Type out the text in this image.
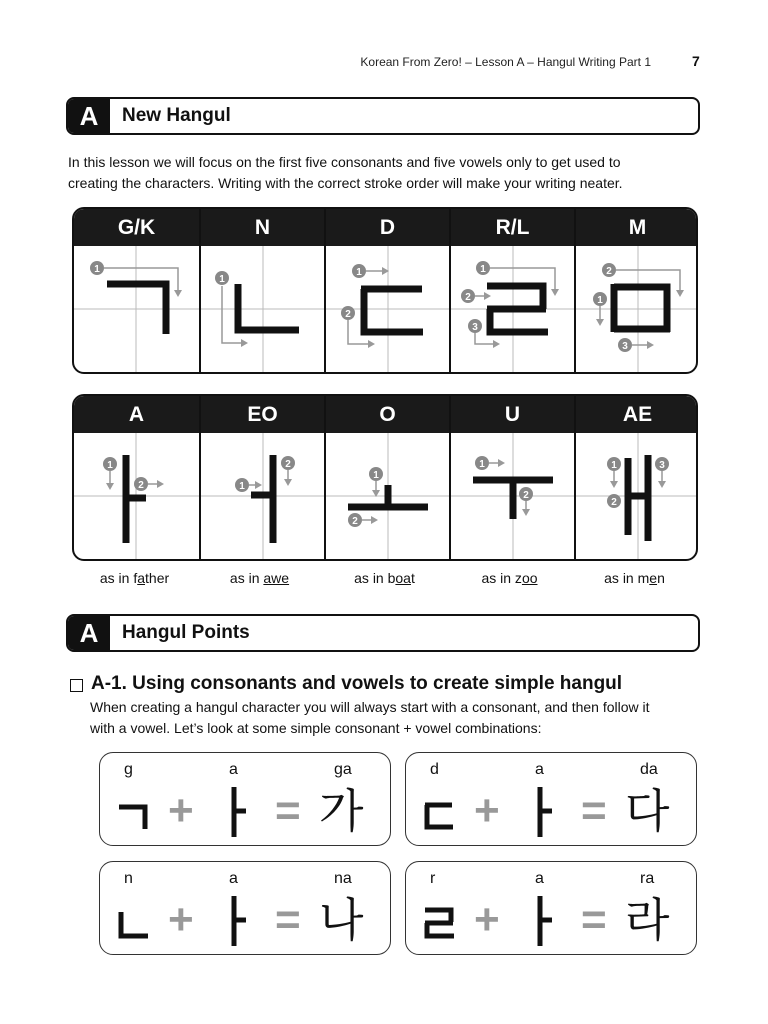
Korean From Zero! – Lesson A – Hangul Writing Part 1	7
A	New Hangul
In this lesson we will focus on the first five consonants and five vowels only to get used to
creating the characters. Writing with the correct stroke order will make your writing neater.
G/K
1
N
1
D
1
2
R/L
1
2
3
M
2
1
3
A
1
2
EO
1
2
O
1
2
U
1
2
AE
1
2
3
as in father	as in awe	as in boat	as in zoo	as in men
A	Hangul Points
A-1. Using consonants and vowels to create simple hangul
When creating a hangul character you will always start with a consonant, and then follow it
with a vowel. Let’s look at some simple consonant + vowel combinations:
g	a	ga
+ = 가
d	a	da
+ = 다
n	a	na
+ = 나
r	a	ra
+ = 라
